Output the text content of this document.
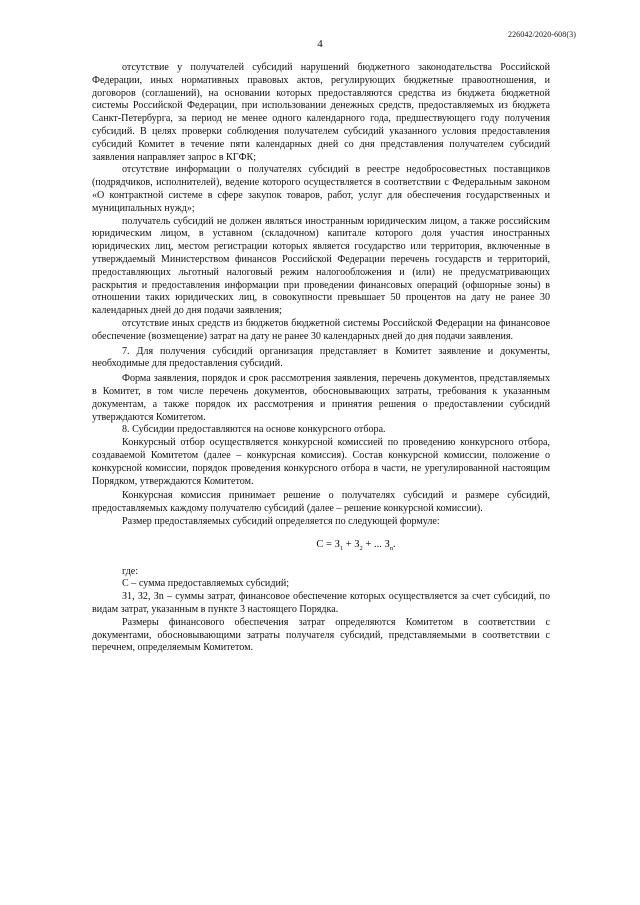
226042/2020-608(3)
4

отсутствие у получателей субсидий нарушений бюджетного законодательства Российской Федерации, иных нормативных правовых актов, регулирующих бюджетные правоотношения, и договоров (соглашений), на основании которых предоставляются средства из бюджета бюджетной системы Российской Федерации, при использовании денежных средств, предоставляемых из бюджета Санкт-Петербурга, за период не менее одного календарного года, предшествующего году получения субсидий. В целях проверки соблюдения получателем субсидий указанного условия предоставления субсидий Комитет в течение пяти календарных дней со дня представления получателем субсидий заявления направляет запрос в КГФК;

отсутствие информации о получателях субсидий в реестре недобросовестных поставщиков (подрядчиков, исполнителей), ведение которого осуществляется в соответствии с Федеральным законом «О контрактной системе в сфере закупок товаров, работ, услуг для обеспечения государственных и муниципальных нужд»;

получатель субсидий не должен являться иностранным юридическим лицом, а также российским юридическим лицом, в уставном (складочном) капитале которого доля участия иностранных юридических лиц, местом регистрации которых является государство или территория, включенные в утверждаемый Министерством финансов Российской Федерации перечень государств и территорий, предоставляющих льготный налоговый режим налогообложения и (или) не предусматривающих раскрытия и предоставления информации при проведении финансовых операций (офшорные зоны) в отношении таких юридических лиц, в совокупности превышает 50 процентов на дату не ранее 30 календарных дней до дня подачи заявления;

отсутствие иных средств из бюджетов бюджетной системы Российской Федерации на финансовое обеспечение (возмещение) затрат на дату не ранее 30 календарных дней до дня подачи заявления.

7. Для получения субсидий организация представляет в Комитет заявление и документы, необходимые для предоставления субсидий.

Форма заявления, порядок и срок рассмотрения заявления, перечень документов, представляемых в Комитет, в том числе перечень документов, обосновывающих затраты, требования к указанным документам, а также порядок их рассмотрения и принятия решения о предоставлении субсидий утверждаются Комитетом.

8. Субсидии предоставляются на основе конкурсного отбора.

Конкурсный отбор осуществляется конкурсной комиссией по проведению конкурсного отбора, создаваемой Комитетом (далее – конкурсная комиссия). Состав конкурсной комиссии, положение о конкурсной комиссии, порядок проведения конкурсного отбора в части, не урегулированной настоящим Порядком, утверждаются Комитетом.

Конкурсная комиссия принимает решение о получателях субсидий и размере субсидий, предоставляемых каждому получателю субсидий (далее – решение конкурсной комиссии).

Размер предоставляемых субсидий определяется по следующей формуле:

$С = З_1 + З_2$ + ... $З_n$.

где:

С – сумма предоставляемых субсидий;

З1, З2, Зn – суммы затрат, финансовое обеспечение которых осуществляется за счет субсидий, по видам затрат, указанным в пункте 3 настоящего Порядка.

Размеры финансового обеспечения затрат определяются Комитетом в соответствии с документами, обосновывающими затраты получателя субсидий, представляемыми в соответствии с перечнем, определяемым Комитетом.
